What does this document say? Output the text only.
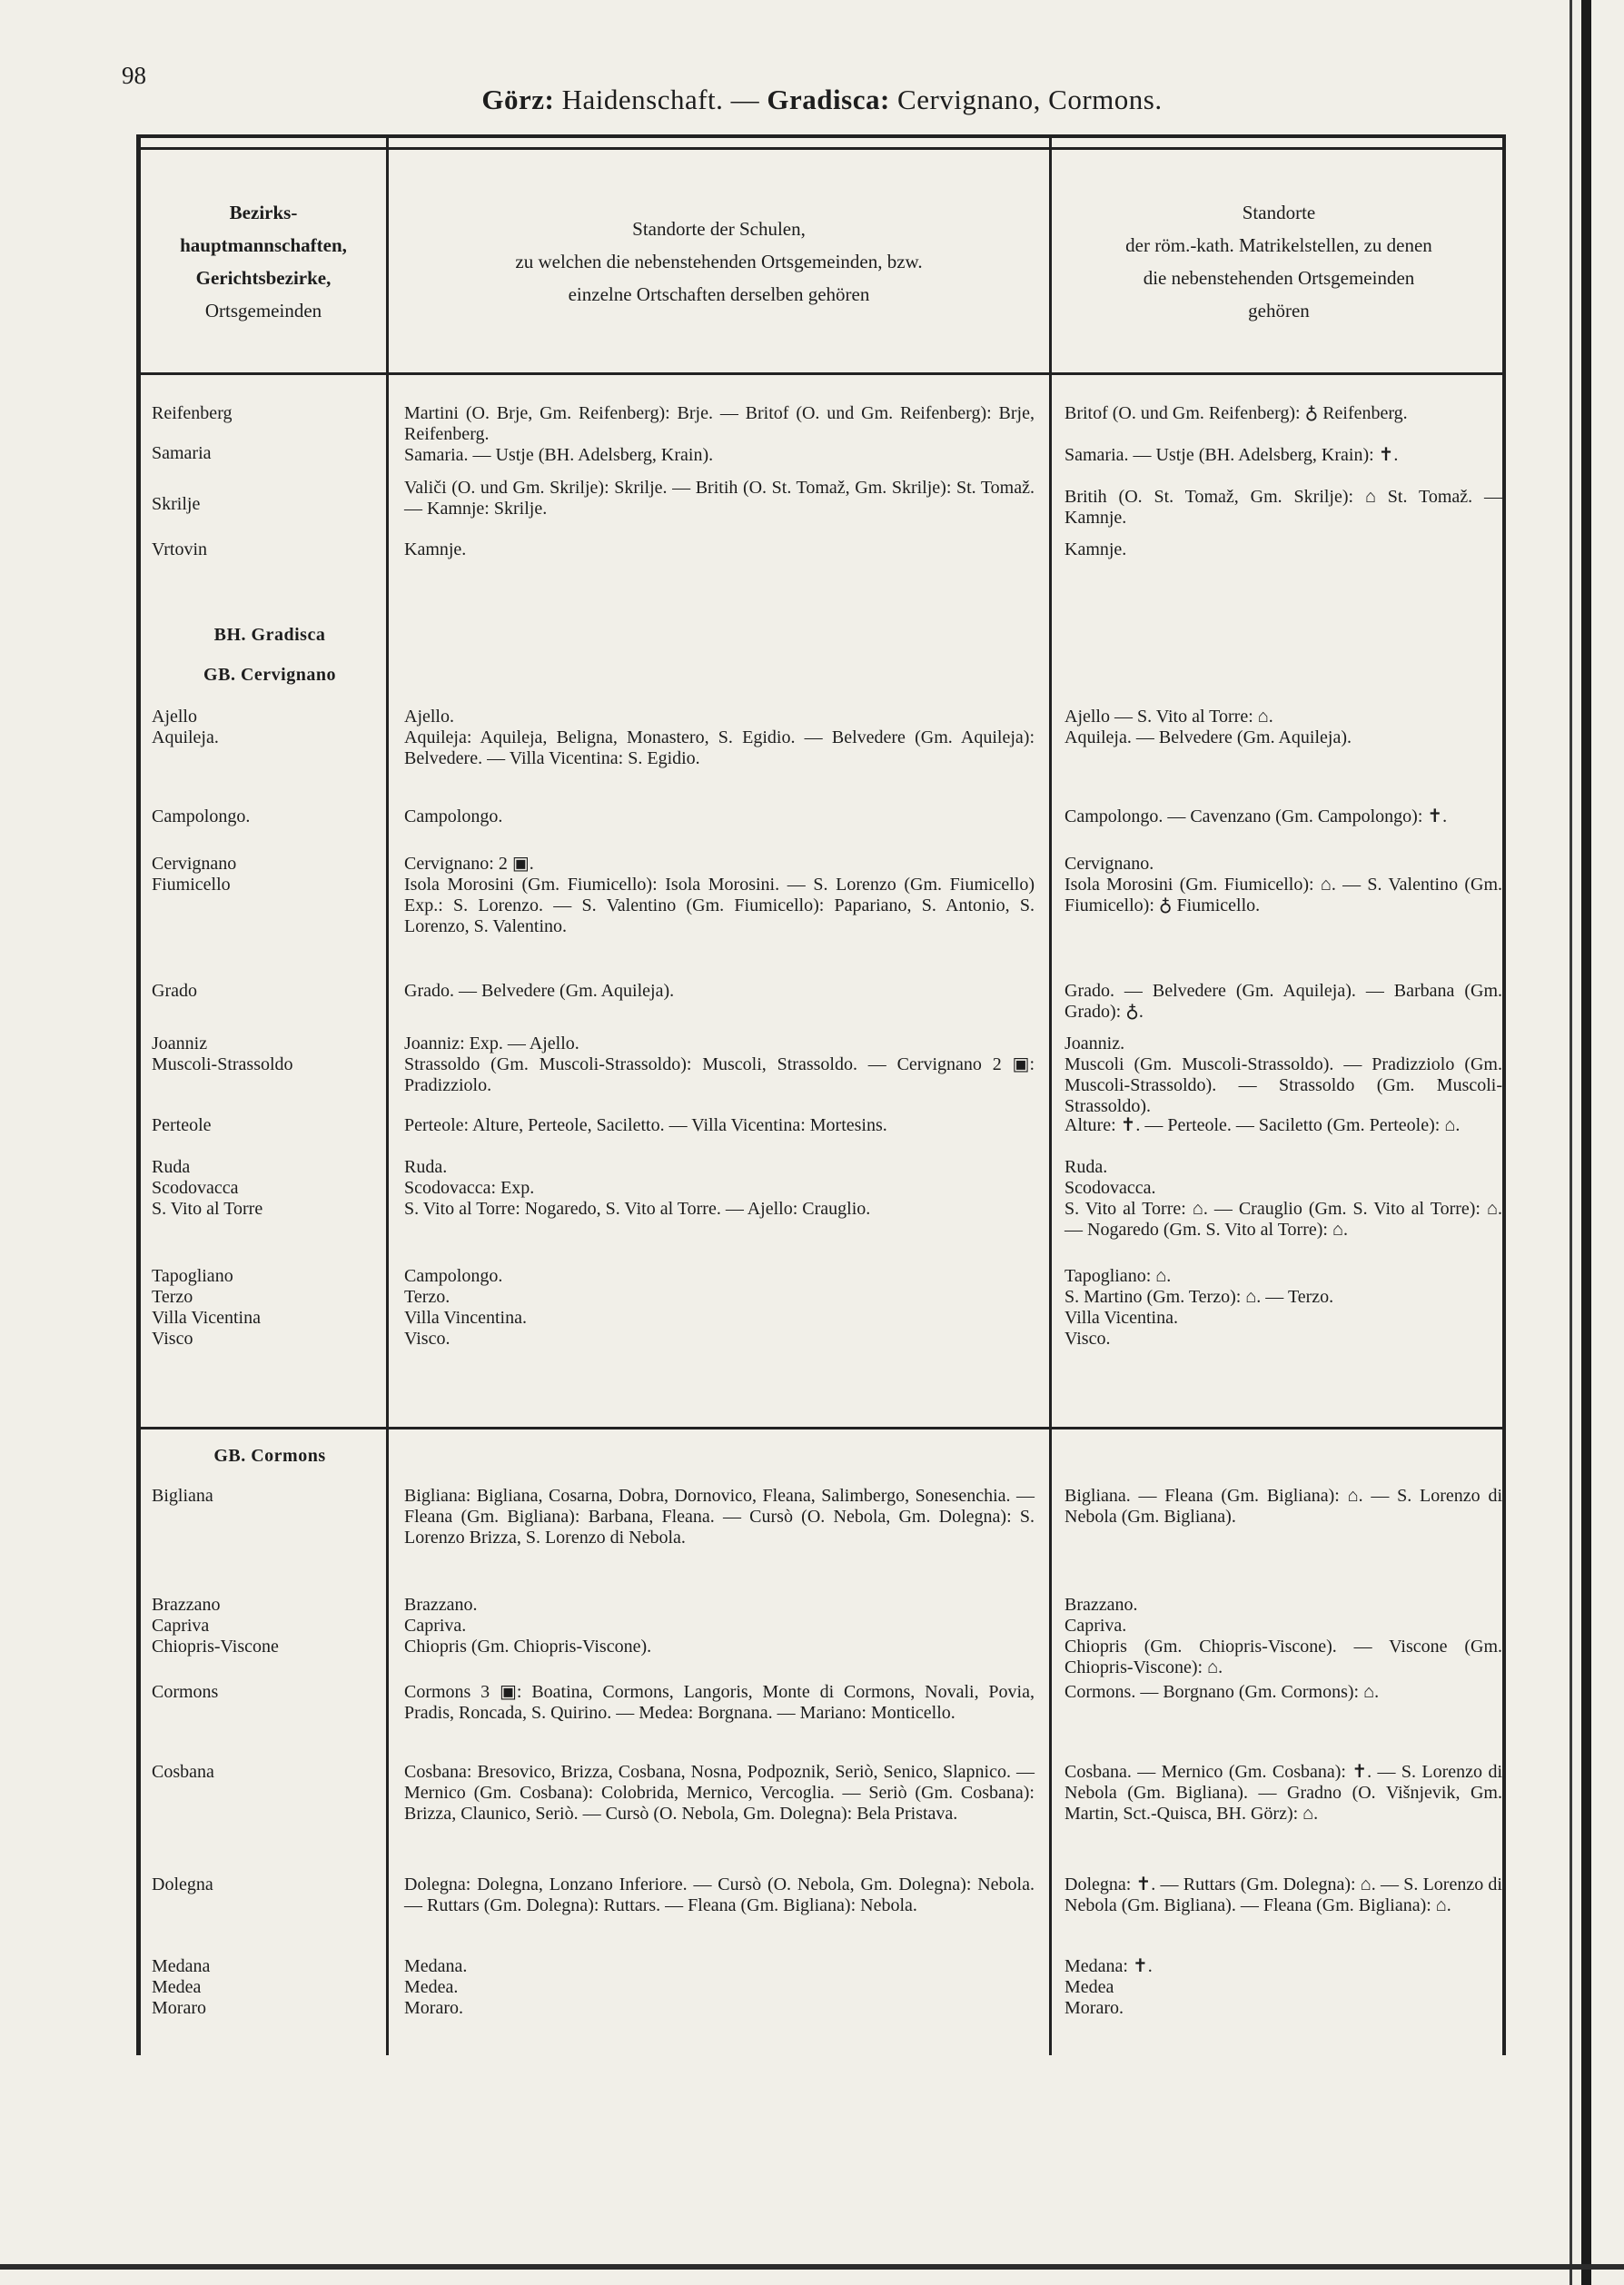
98
Görz: Haidenschaft. — Gradisca: Cervignano, Cormons.
Bezirks-
hauptmannschaften,
Gerichtsbezirke,
Ortsgemeinden
Standorte der Schulen,
zu welchen die nebenstehenden Ortsgemeinden, bzw.
einzelne Ortschaften derselben gehören
Standorte
der röm.-kath. Matrikelstellen, zu denen
die nebenstehenden Ortsgemeinden
gehören

Reifenberg

Samaria

Skrilje

Vrtovin

Martini (O. Brje, Gm. Reifenberg): Brje. — Britof (O. und Gm. Reifenberg): Brje, Reifenberg.

Samaria. — Ustje (BH. Adelsberg, Krain).

Valiči (O. und Gm. Skrilje): Skrilje. — Britih (O. St. Tomaž, Gm. Skrilje): St. Tomaž. — Kamnje: Skrilje.

Kamnje.

Britof (O. und Gm. Reifenberg): ♁ Reifenberg.

Samaria. — Ustje (BH. Adelsberg, Krain): ✝.

Britih (O. St. Tomaž, Gm. Skrilje): ⌂ St. Tomaž. — Kamnje.

Kamnje.

BH. Gradisca
GB. Cervignano

Ajello

Aquileja.

Campolongo.

Cervignano

Fiumicello

Grado

Joanniz

Muscoli-Strassoldo

Perteole

Ruda

Scodovacca

S. Vito al Torre

Tapogliano

Terzo

Villa Vicentina

Visco

Ajello.

Aquileja: Aquileja, Beligna, Monastero, S. Egidio. — Belvedere (Gm. Aquileja): Belvedere. — Villa Vicentina: S. Egidio.

Campolongo.

Cervignano: 2 ▣.

Isola Morosini (Gm. Fiumicello): Isola Morosini. — S. Lorenzo (Gm. Fiumicello) Exp.: S. Lorenzo. — S. Valentino (Gm. Fiumicello): Papariano, S. Antonio, S. Lorenzo, S. Valentino.

Grado. — Belvedere (Gm. Aquileja).

Joanniz: Exp. — Ajello.

Strassoldo (Gm. Muscoli-Strassoldo): Muscoli, Strassoldo. — Cervignano 2 ▣: Pradizziolo.

Perteole: Alture, Perteole, Saciletto. — Villa Vicentina: Mortesins.

Ruda.

Scodovacca: Exp.

S. Vito al Torre: Nogaredo, S. Vito al Torre. — Ajello: Crauglio.

Campolongo.

Terzo.

Villa Vincentina.

Visco.

Ajello — S. Vito al Torre: ⌂.

Aquileja. — Belvedere (Gm. Aquileja).

Campolongo. — Cavenzano (Gm. Campolongo): ✝.

Cervignano.

Isola Morosini (Gm. Fiumicello): ⌂. — S. Valentino (Gm. Fiumicello): ♁ Fiumicello.

Grado. — Belvedere (Gm. Aquileja). — Barbana (Gm. Grado): ♁.

Joanniz.

Muscoli (Gm. Muscoli-Strassoldo). — Pradizziolo (Gm. Muscoli-Strassoldo). — Strassoldo (Gm. Muscoli-Strassoldo).

Alture: ✝. — Perteole. — Saciletto (Gm. Perteole): ⌂.

Ruda.

Scodovacca.

S. Vito al Torre: ⌂. — Crauglio (Gm. S. Vito al Torre): ⌂. — Nogaredo (Gm. S. Vito al Torre): ⌂.

Tapogliano: ⌂.

S. Martino (Gm. Terzo): ⌂. — Terzo.

Villa Vicentina.

Visco.

GB. Cormons

Bigliana

Brazzano

Capriva

Chiopris-Viscone

Cormons

Cosbana

Dolegna

Medana

Medea

Moraro

Bigliana: Bigliana, Cosarna, Dobra, Dornovico, Fleana, Salimbergo, Sonesenchia. — Fleana (Gm. Bigliana): Barbana, Fleana. — Cursò (O. Nebola, Gm. Dolegna): S. Lorenzo Brizza, S. Lorenzo di Nebola.

Brazzano.

Capriva.

Chiopris (Gm. Chiopris-Viscone).

Cormons 3 ▣: Boatina, Cormons, Langoris, Monte di Cormons, Novali, Povia, Pradis, Roncada, S. Quirino. — Medea: Borgnana. — Mariano: Monticello.

Cosbana: Bresovico, Brizza, Cosbana, Nosna, Podpoznik, Seriò, Senico, Slapnico. — Mernico (Gm. Cosbana): Colobrida, Mernico, Vercoglia. — Seriò (Gm. Cosbana): Brizza, Claunico, Seriò. — Cursò (O. Nebola, Gm. Dolegna): Bela Pristava.

Dolegna: Dolegna, Lonzano Inferiore. — Cursò (O. Nebola, Gm. Dolegna): Nebola. — Ruttars (Gm. Dolegna): Ruttars. — Fleana (Gm. Bigliana): Nebola.

Medana.

Medea.

Moraro.

Bigliana. — Fleana (Gm. Bigliana): ⌂. — S. Lorenzo di Nebola (Gm. Bigliana).

Brazzano.

Capriva.

Chiopris (Gm. Chiopris-Viscone). — Viscone (Gm. Chiopris-Viscone): ⌂.

Cormons. — Borgnano (Gm. Cormons): ⌂.

Cosbana. — Mernico (Gm. Cosbana): ✝. — S. Lorenzo di Nebola (Gm. Bigliana). — Gradno (O. Višnjevik, Gm. Martin, Sct.-Quisca, BH. Görz): ⌂.

Dolegna: ✝. — Ruttars (Gm. Dolegna): ⌂. — S. Lorenzo di Nebola (Gm. Bigliana). — Fleana (Gm. Bigliana): ⌂.

Medana: ✝.

Medea

Moraro.
